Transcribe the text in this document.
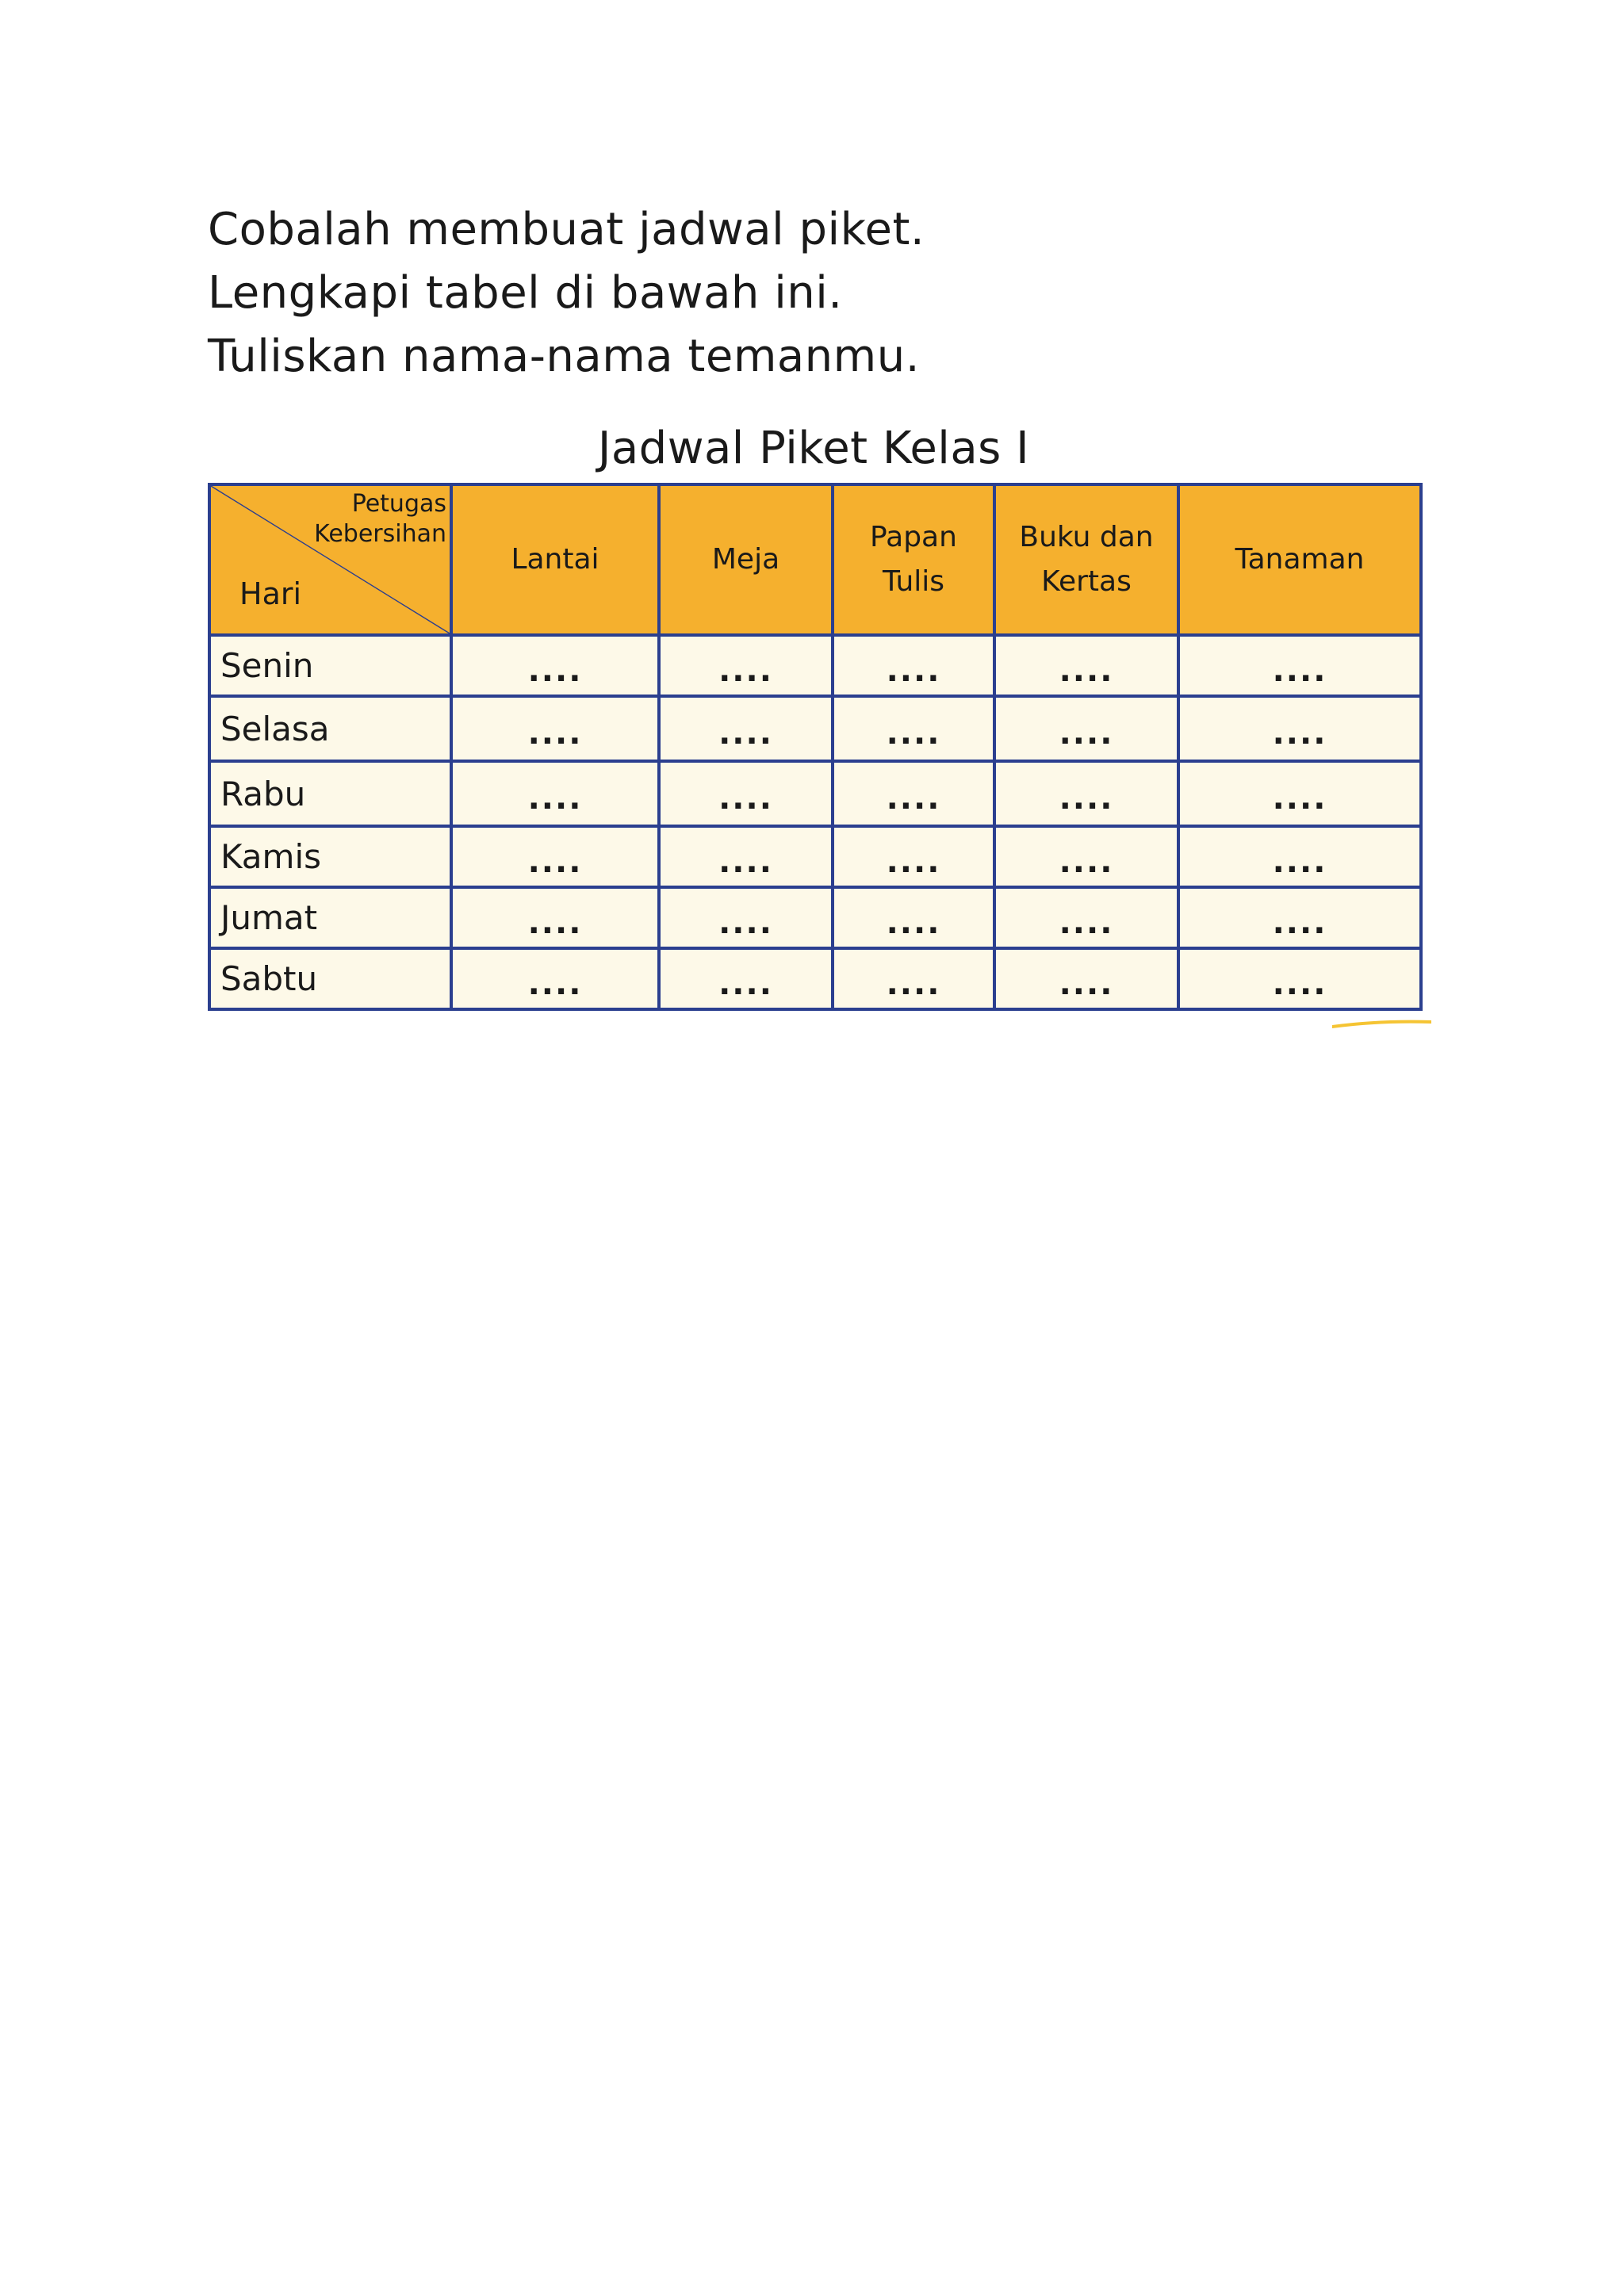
Cobalah membuat jadwal piket.

Lengkapi tabel di bawah ini.

Tuliskan nama-nama temanmu.

Jadwal Piket Kelas I
Petugas Kebersihan
Hari	Lantai	Meja	Papan Tulis	Buku dan Kertas	Tanaman
Senin	....	....	....	....	....
Selasa	....	....	....	....	....
Rabu	....	....	....	....	....
Kamis	....	....	....	....	....
Jumat	....	....	....	....	....
Sabtu	....	....	....	....	....
